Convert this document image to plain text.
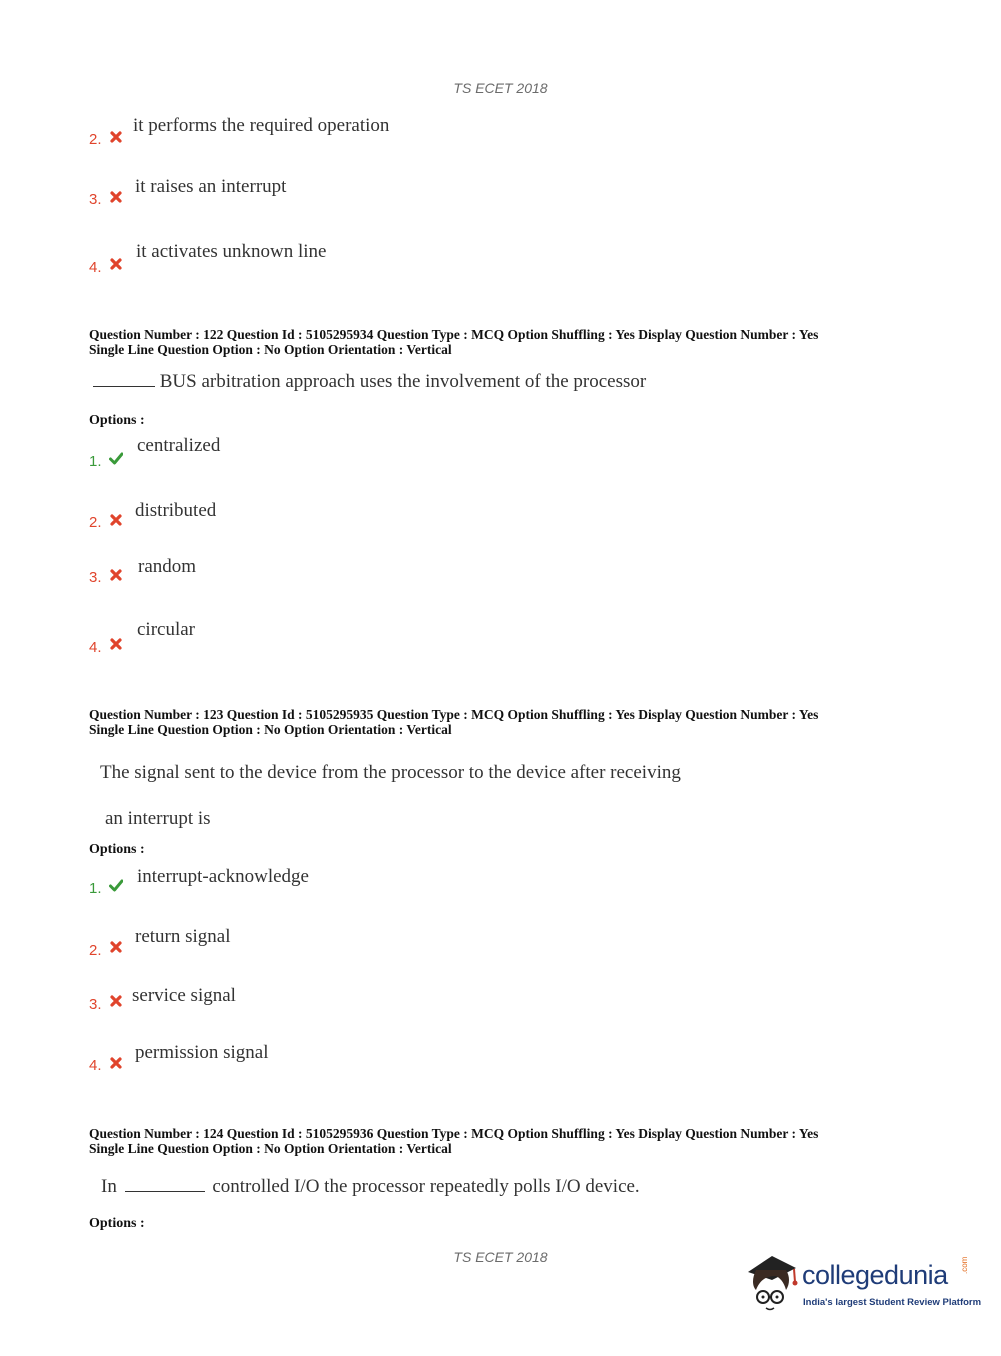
TS ECET 2018
2.
it performs the required operation
3.
it raises an interrupt
4.
it activates unknown line
Question Number : 122 Question Id : 5105295934 Question Type : MCQ Option Shuffling : Yes Display Question Number : Yes
Single Line Question Option : No Option Orientation : Vertical
BUS arbitration approach uses the involvement of the processor
Options :
1.
centralized
2.
distributed
3.
random
4.
circular
Question Number : 123 Question Id : 5105295935 Question Type : MCQ Option Shuffling : Yes Display Question Number : Yes
Single Line Question Option : No Option Orientation : Vertical
The signal sent to the device from the processor to the device after receiving
an interrupt is
Options :
1.
interrupt-acknowledge
2.
return signal
3. service signal
4.
permission signal
Question Number : 124 Question Id : 5105295936 Question Type : MCQ Option Shuffling : Yes Display Question Number : Yes
Single Line Question Option : No Option Orientation : Vertical
In	controlled I/O the processor repeatedly polls I/O device.
Options :
TS ECET 2018
collegedunia .com
India's largest Student Review Platform
